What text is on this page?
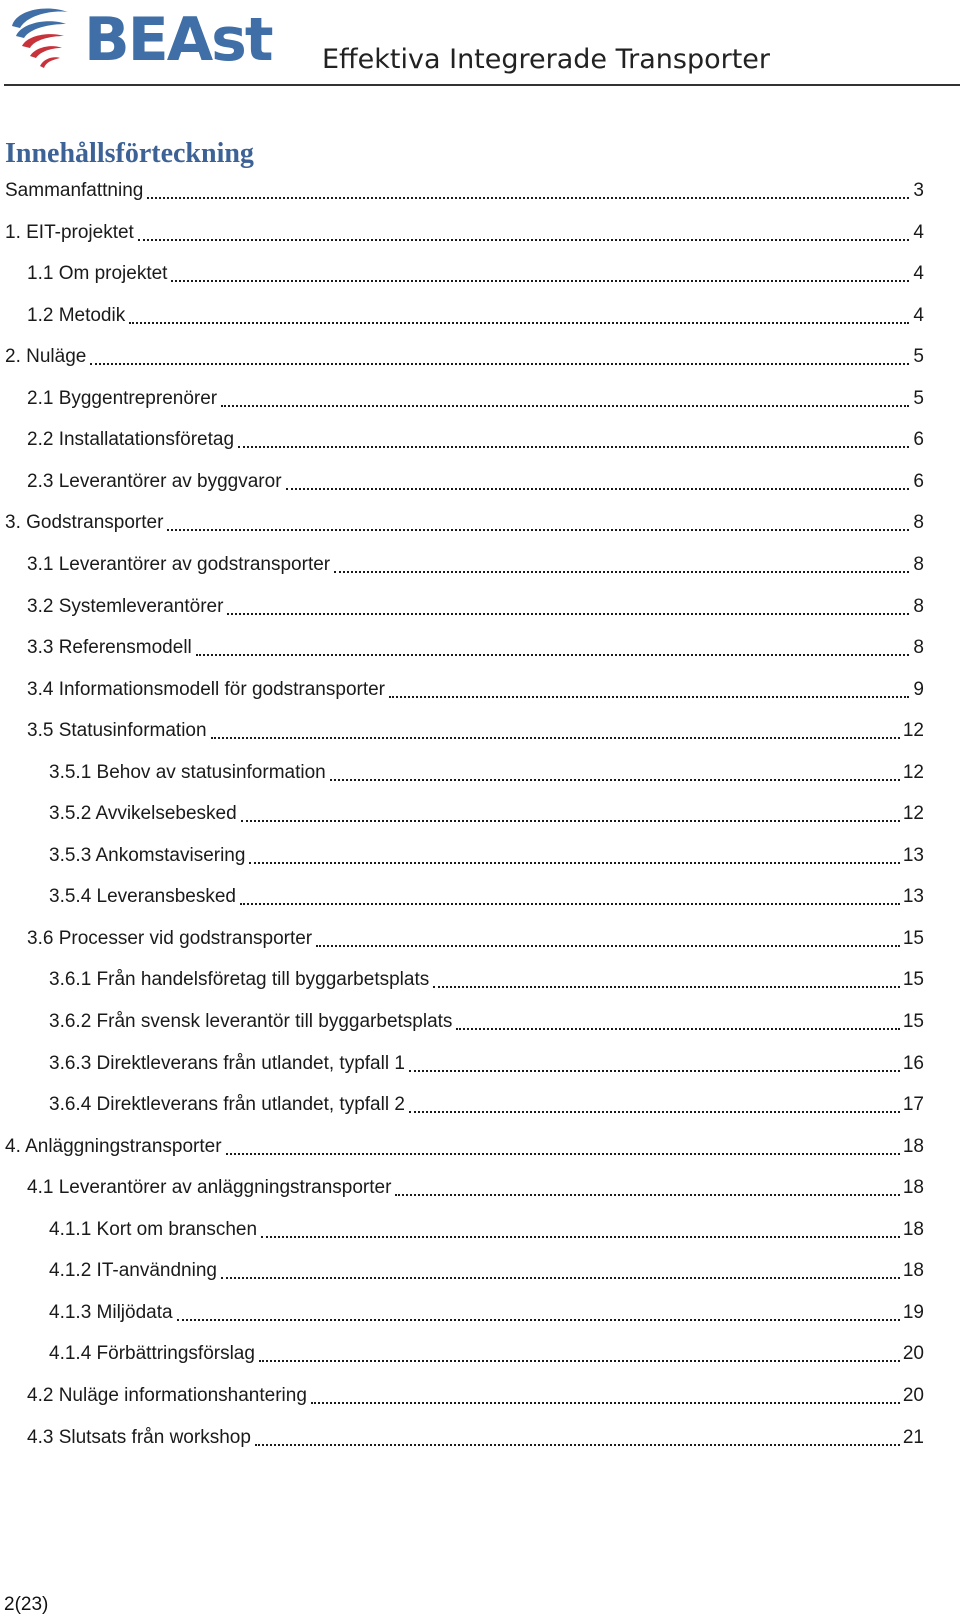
BEAst Effektiva Integrerade Transporter
Innehållsförteckning
Sammanfattning	3
1. EIT-projektet	4
1.1 Om projektet	4
1.2 Metodik	4
2. Nuläge	5
2.1 Byggentreprenörer	5
2.2 Installatationsföretag	6
2.3 Leverantörer av byggvaror	6
3. Godstransporter	8
3.1 Leverantörer av godstransporter	8
3.2 Systemleverantörer	8
3.3 Referensmodell	8
3.4 Informationsmodell för godstransporter	9
3.5 Statusinformation	12
3.5.1 Behov av statusinformation	12
3.5.2 Avvikelsebesked	12
3.5.3 Ankomstavisering	13
3.5.4 Leveransbesked	13
3.6 Processer vid godstransporter	15
3.6.1 Från handelsföretag till byggarbetsplats	15
3.6.2 Från svensk leverantör till byggarbetsplats	15
3.6.3 Direktleverans från utlandet, typfall 1	16
3.6.4 Direktleverans från utlandet, typfall 2	17
4. Anläggningstransporter	18
4.1 Leverantörer av anläggningstransporter	18
4.1.1 Kort om branschen	18
4.1.2 IT-användning	18
4.1.3 Miljödata	19
4.1.4 Förbättringsförslag	20
4.2 Nuläge informationshantering	20
4.3 Slutsats från workshop	21
2(23)
